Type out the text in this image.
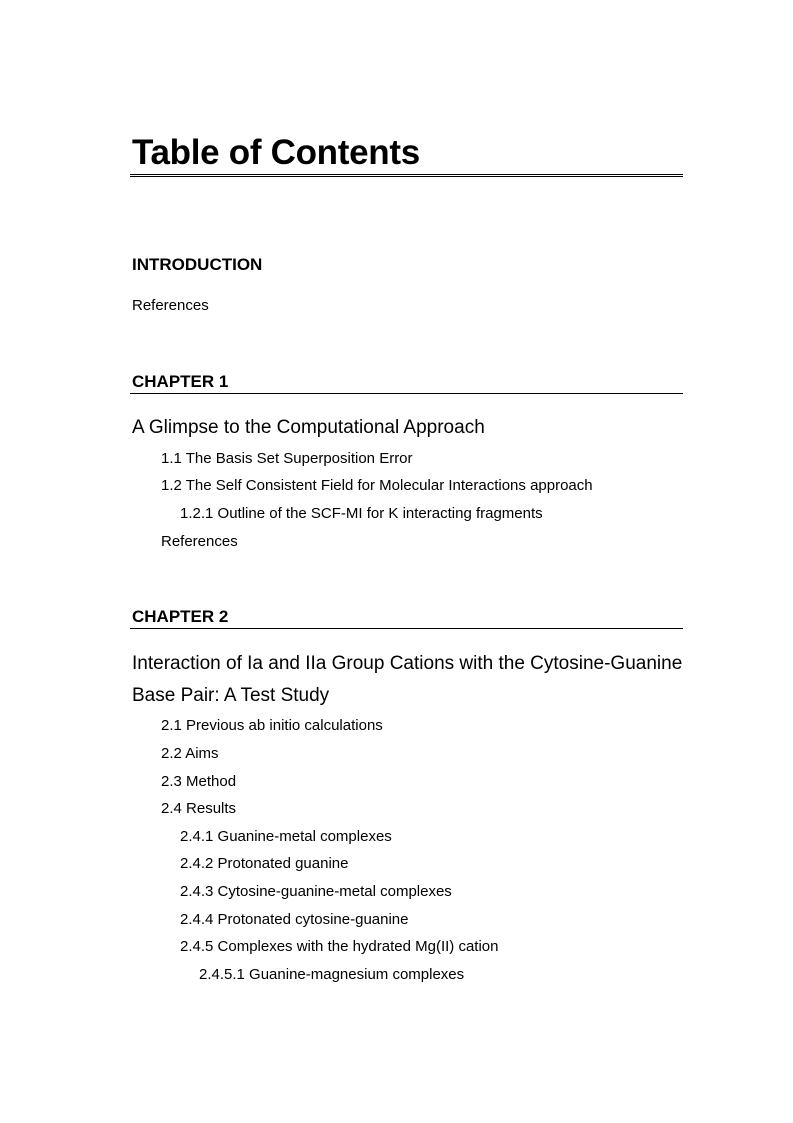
Table of Contents
INTRODUCTION
References
CHAPTER 1
A Glimpse to the Computational Approach
1.1 The Basis Set Superposition Error
1.2 The Self Consistent Field for Molecular Interactions approach
1.2.1 Outline of the SCF-MI for K interacting fragments
References
CHAPTER 2
Interaction of Ia and IIa Group Cations with the Cytosine-Guanine
Base Pair: A Test Study
2.1 Previous ab initio calculations
2.2 Aims
2.3 Method
2.4 Results
2.4.1 Guanine-metal complexes
2.4.2 Protonated guanine
2.4.3 Cytosine-guanine-metal complexes
2.4.4 Protonated cytosine-guanine
2.4.5 Complexes with the hydrated Mg(II) cation
2.4.5.1 Guanine-magnesium complexes
